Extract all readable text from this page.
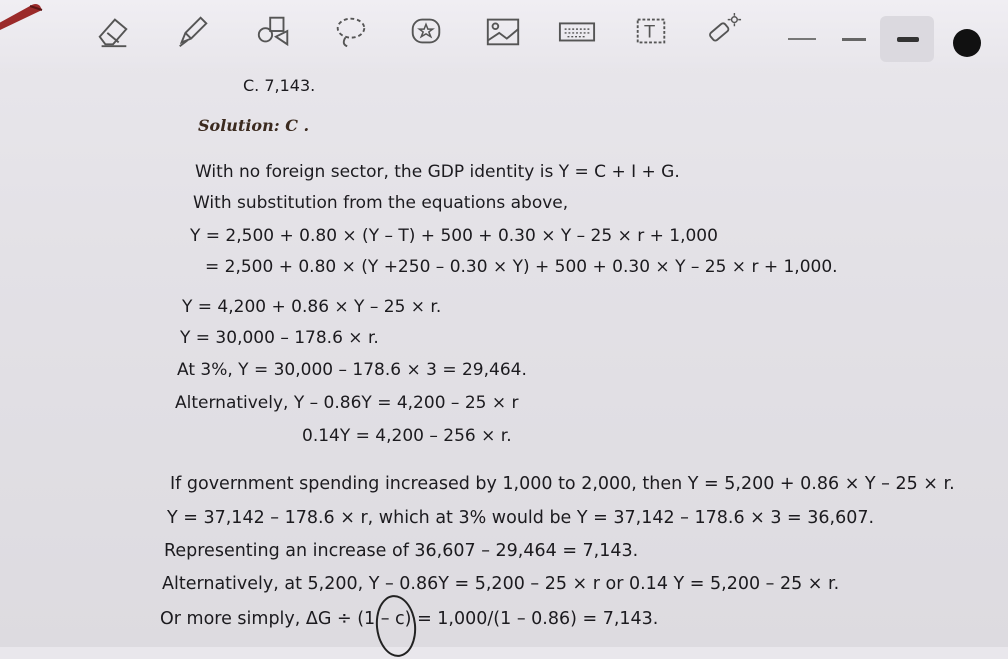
T
C. 7,143.
Solution: C .
With no foreign sector, the GDP identity is Y = C + I + G.
With substitution from the equations above,
Y = 2,500 + 0.80 × (Y – T) + 500 + 0.30 × Y – 25 × r + 1,000
= 2,500 + 0.80 × (Y +250 – 0.30 × Y) + 500 + 0.30 × Y – 25 × r + 1,000.
Y = 4,200 + 0.86 × Y – 25 × r.
Y = 30,000 – 178.6 × r.
At 3%, Y = 30,000 – 178.6 × 3 = 29,464.
Alternatively, Y – 0.86Y = 4,200 – 25 × r
0.14Y = 4,200 – 256 × r.
If government spending increased by 1,000 to 2,000, then Y = 5,200 + 0.86 × Y – 25 × r.
Y = 37,142 – 178.6 × r, which at 3% would be Y = 37,142 – 178.6 × 3 = 36,607.
Representing an increase of 36,607 – 29,464 = 7,143.
Alternatively, at 5,200, Y – 0.86Y = 5,200 – 25 × r or 0.14 Y = 5,200 – 25 × r.
Or more simply, ΔG ÷ (1 – c) = 1,000/(1 – 0.86) = 7,143.
